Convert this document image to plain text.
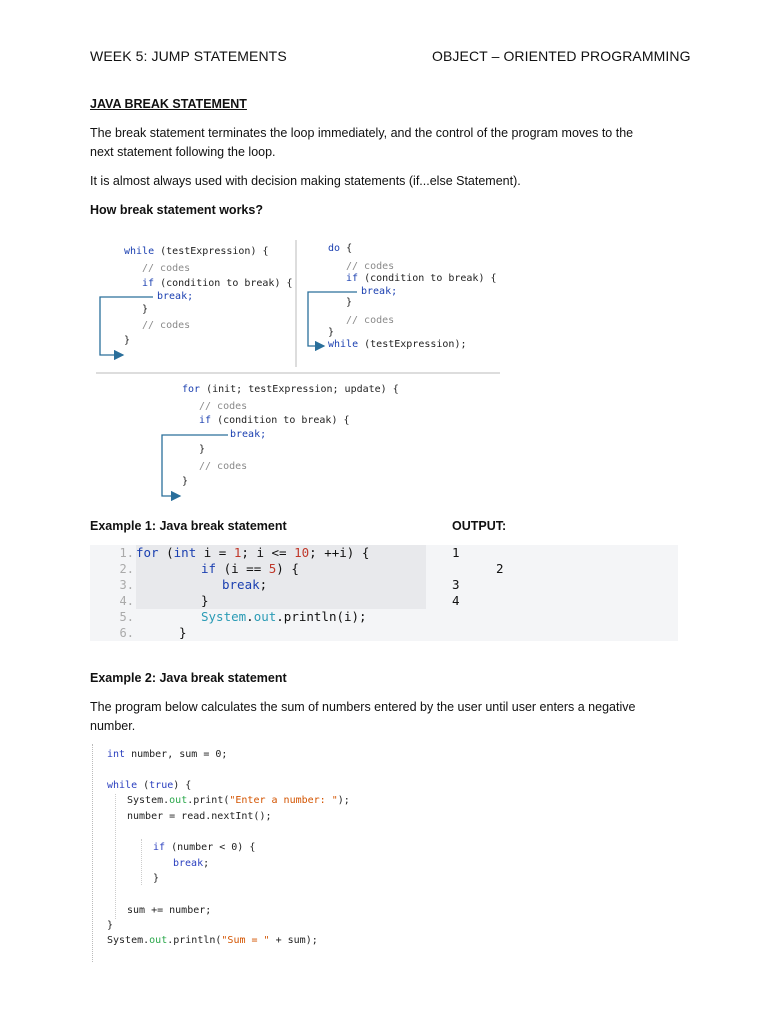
WEEK 5: JUMP STATEMENTS	OBJECT – ORIENTED PROGRAMMING
JAVA BREAK STATEMENT
The break statement terminates the loop immediately, and the control of the program moves to the
next statement following the loop.
It is almost always used with decision making statements (if...else Statement).
How break statement works?
while (testExpression) {
// codes
if (condition to break) {
break;
}
// codes
}
do {
// codes
if (condition to break) {
break;
}
// codes
}
while (testExpression);
for (init; testExpression; update) {
// codes
if (condition to break) {
break;
}
// codes
}
Example 1: Java break statement	OUTPUT:
1.
2.
3.
4.
5.
6.
for (int i = 1; i <= 10; ++i) {
if (i == 5) {
break;
}
System.out.println(i);
}
1
2
3
4
Example 2: Java break statement
The program below calculates the sum of numbers entered by the user until user enters a negative
number.
int number, sum = 0;
while (true) {
System.out.print("Enter a number: ");
number = read.nextInt();
if (number < 0) {
break;
}
sum += number;
}
System.out.println("Sum = " + sum);
